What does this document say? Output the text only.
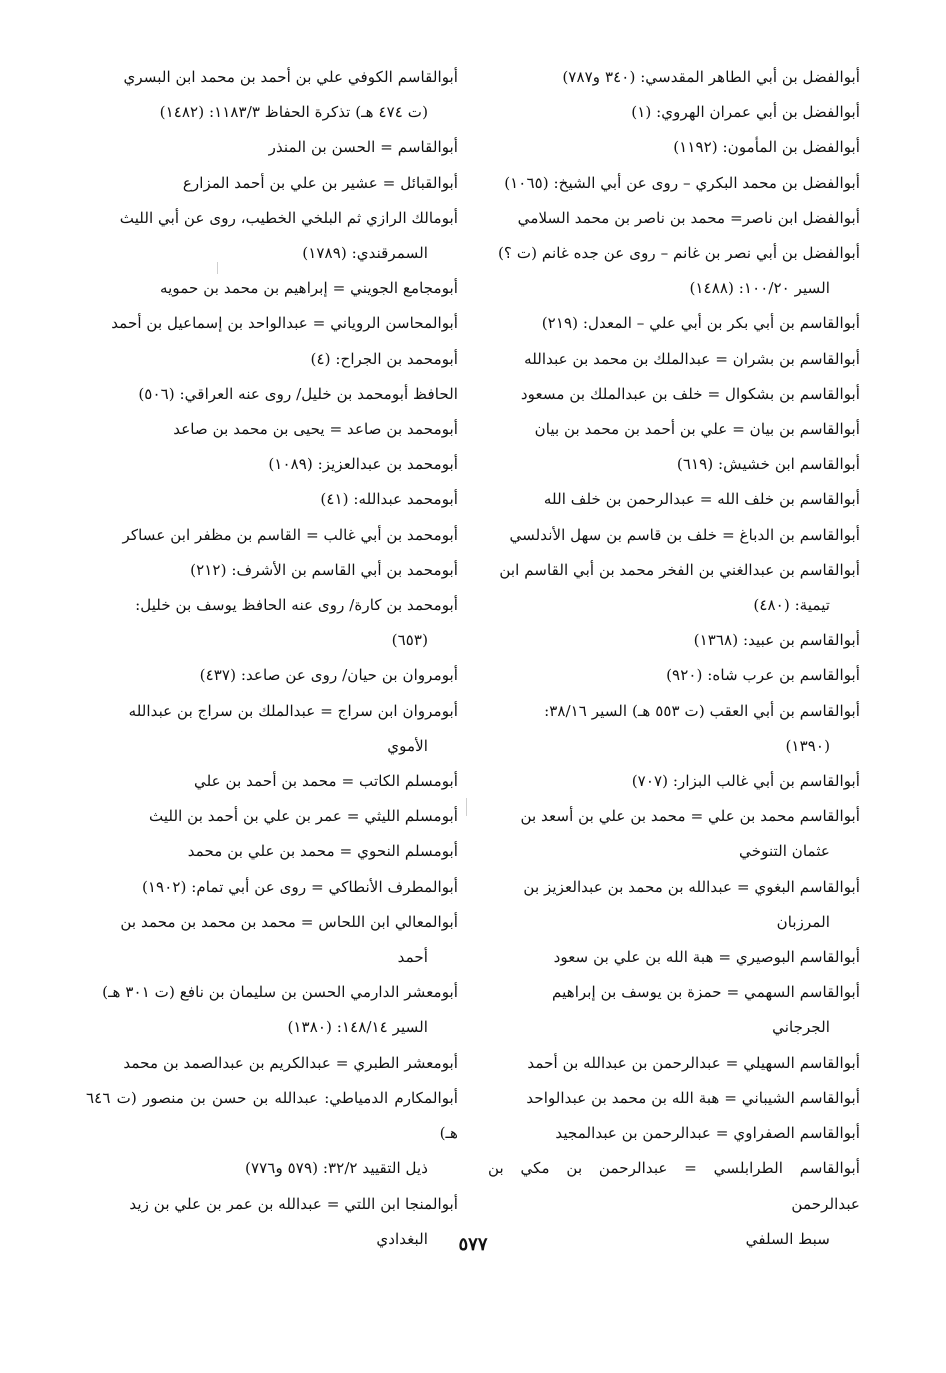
أبوالفضل بن أبي الطاهر المقدسي: (٣٤٠ و٧٨٧)
أبوالفضل بن أبي عمران الهروي: (١)
أبوالفضل بن المأمون: (١١٩٢)
أبوالفضل بن محمد البكري – روى عن أبي الشيخ: (١٠٦٥)
أبوالفضل ابن ناصر= محمد بن ناصر بن محمد السلامي
أبوالفضل بن أبي نصر بن غانم – روى عن جده غانم (ت ؟)
السير ١٠٠/٢٠: (١٤٨٨)
أبوالقاسم بن أبي بكر بن أبي علي – المعدل: (٢١٩)
أبوالقاسم بن بشران = عبدالملك بن محمد بن عبدالله
أبوالقاسم بن بشكوال = خلف بن عبدالملك بن مسعود
أبوالقاسم بن بيان = علي بن أحمد بن محمد بن بيان
أبوالقاسم ابن خشيش: (٦١٩)
أبوالقاسم بن خلف الله = عبدالرحمن بن خلف الله
أبوالقاسم بن الدباغ = خلف بن قاسم بن سهل الأندلسي
أبوالقاسم بن عبدالغني بن الفخر محمد بن أبي القاسم ابن
تيمية: (٤٨٠)
أبوالقاسم بن عبيد: (١٣٦٨)
أبوالقاسم بن عرب شاه: (٩٢٠)
أبوالقاسم بن أبي العقب (ت ٥٥٣ هـ) السير ٣٨/١٦:
(١٣٩٠)
أبوالقاسم بن أبي غالب البزار: (٧٠٧)
أبوالقاسم محمد بن علي = محمد بن علي بن أسعد بن
عثمان التنوخي
أبوالقاسم البغوي = عبدالله بن محمد بن عبدالعزيز بن
المرزبان
أبوالقاسم البوصيري = هبة الله بن علي بن سعود
أبوالقاسم السهمي = حمزة بن يوسف بن إبراهيم
الجرجاني
أبوالقاسم السهيلي = عبدالرحمن بن عبدالله بن أحمد
أبوالقاسم الشيباني = هبة الله بن محمد بن عبدالواحد
أبوالقاسم الصفراوي = عبدالرحمن بن عبدالمجيد
أبوالقاسم الطرابلسي = عبدالرحمن بن مكي بن عبدالرحمن
سبط السلفي
أبوالقاسم الكوفي علي بن أحمد بن محمد ابن البسري
(ت ٤٧٤ هـ) تذكرة الحفاظ ١١٨٣/٣: (١٤٨٢)
أبوالقاسم = الحسن بن المنذر
أبوالقبائل = عشير بن علي بن أحمد المزارع
أبومالك الرازي ثم البلخي الخطيب، روى عن أبي الليث
السمرقندي: (١٧٨٩)
أبومجامع الجويني = إبراهيم بن محمد بن حمويه
أبوالمحاسن الروياني = عبدالواحد بن إسماعيل بن أحمد
أبومحمد بن الجراح: (٤)
الحافظ أبومحمد بن خليل/ روى عنه العراقي: (٥٠٦)
أبومحمد بن صاعد = يحيى بن محمد بن صاعد
أبومحمد بن عبدالعزيز: (١٠٨٩)
أبومحمد عبدالله: (٤١)
أبومحمد بن أبي غالب = القاسم بن مظفر ابن عساكر
أبومحمد بن أبي القاسم بن الأشرف: (٢١٢)
أبومحمد بن كارة/ روى عنه الحافظ يوسف بن خليل:
(٦٥٣)
أبومروان بن حيان/ روى عن صاعد: (٤٣٧)
أبومروان ابن سراج = عبدالملك بن سراج بن عبدالله
الأموي
أبومسلم الكاتب = محمد بن أحمد بن علي
أبومسلم الليثي = عمر بن علي بن أحمد بن الليث
أبومسلم النحوي = محمد بن علي بن محمد
أبوالمطرف الأنطاكي = روى عن أبي تمام: (١٩٠٢)
أبوالمعالي ابن اللحاس = محمد بن محمد بن محمد بن
أحمد
أبومعشر الدارمي الحسن بن سليمان بن نافع (ت ٣٠١ هـ)
السير ١٤٨/١٤: (١٣٨٠)
أبومعشر الطبري = عبدالكريم بن عبدالصمد بن محمد
أبوالمكارم الدمياطي: عبدالله بن حسن بن منصور (ت ٦٤٦ هـ)
ذيل التقييد ٣٢/٢: (٥٧٩ و٧٧٦)
أبوالمنجا ابن اللتي = عبدالله بن عمر بن علي بن زيد
البغدادي	٥٧٧
